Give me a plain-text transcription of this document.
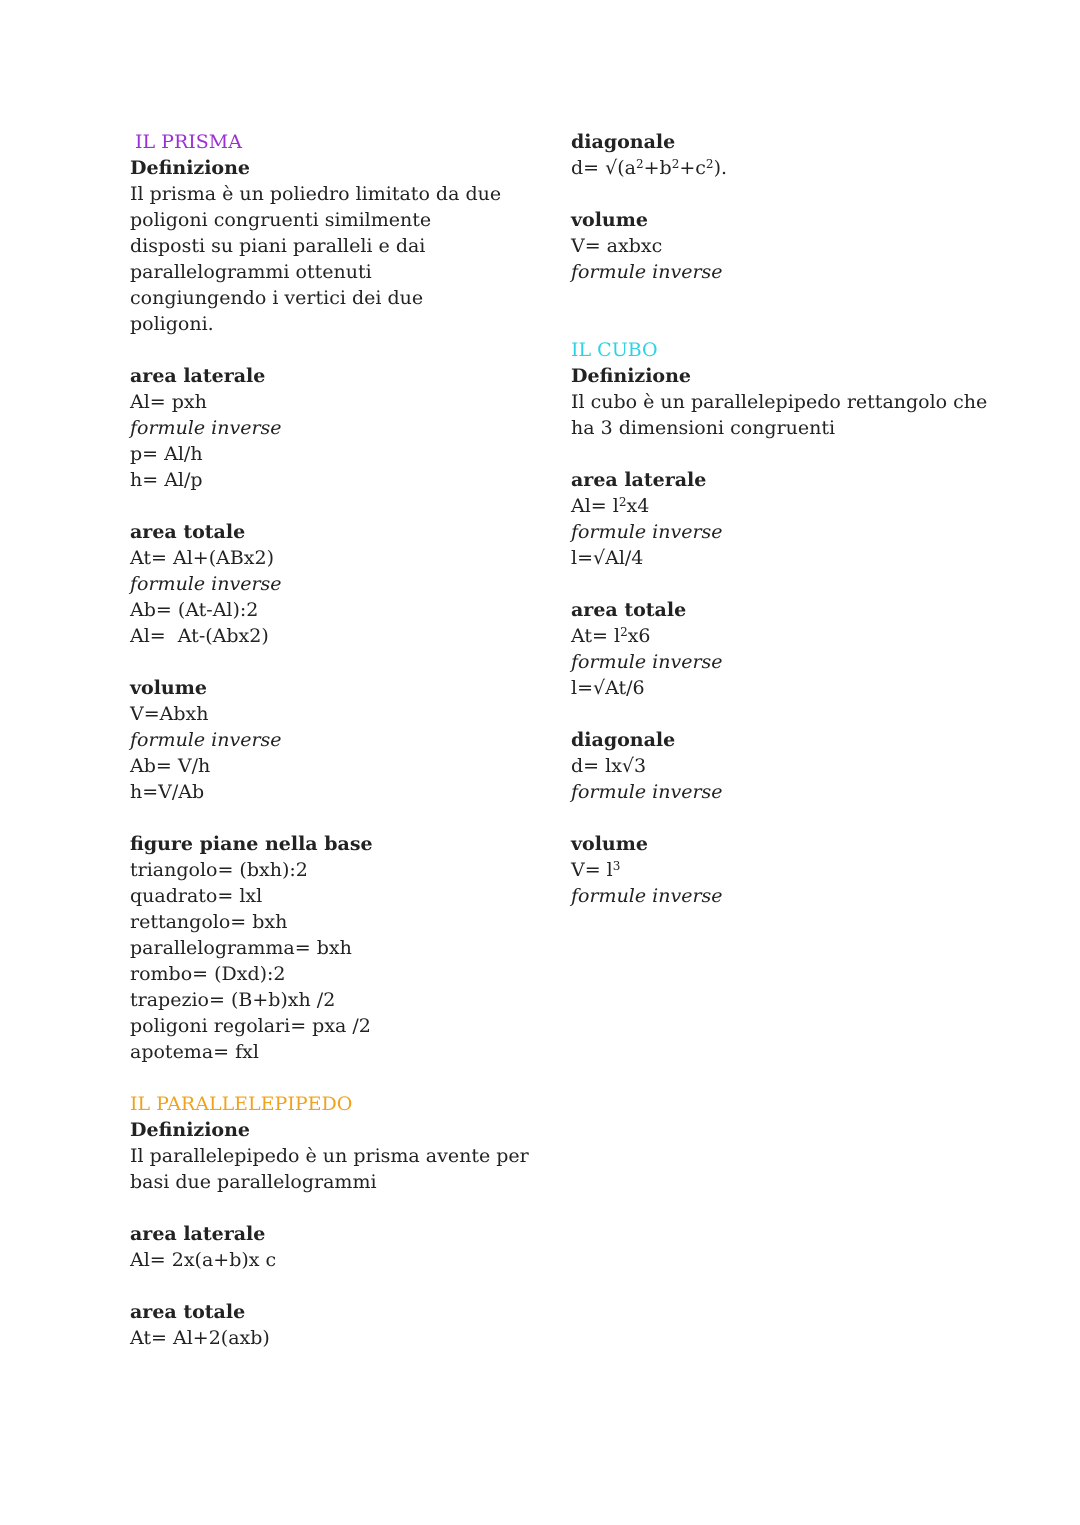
IL PRISMA
Definizione
Il prisma è un poliedro limitato da due poligoni congruenti similmente disposti su piani paralleli e dai parallelogrammi ottenuti congiungendo i vertici dei due poligoni.
area laterale
Al= pxh
formule inverse
p= Al/h
h= Al/p
area totale
At= Al+(ABx2)
formule inverse
Ab= (At-Al):2
Al=  At-(Abx2)
volume
V=Abxh
formule inverse
Ab= V/h
h=V/Ab
figure piane nella base
triangolo= (bxh):2
quadrato= lxl
rettangolo= bxh
parallelogramma= bxh
rombo= (Dxd):2
trapezio= (B+b)xh /2
poligoni regolari= pxa /2
apotema= fxl
IL PARALLELEPIPEDO
Definizione
Il parallelepipedo è un prisma avente per
basi due parallelogrammi
area laterale
Al= 2x(a+b)x c
area totale
At= Al+2(axb)
diagonale
$d= √(a^2+b^2+c^2)$.
volume
V= axbxc
formule inverse
IL CUBO
Definizione
Il cubo è un parallelepipedo rettangolo che
ha 3 dimensioni congruenti
area laterale
$Al= l^2x4$
formule inverse
l=√Al/4
area totale
$At= l^2x6$
formule inverse
l=√At/6
diagonale
d= lx√3
formule inverse
volume
$V= l^3$
formule inverse
